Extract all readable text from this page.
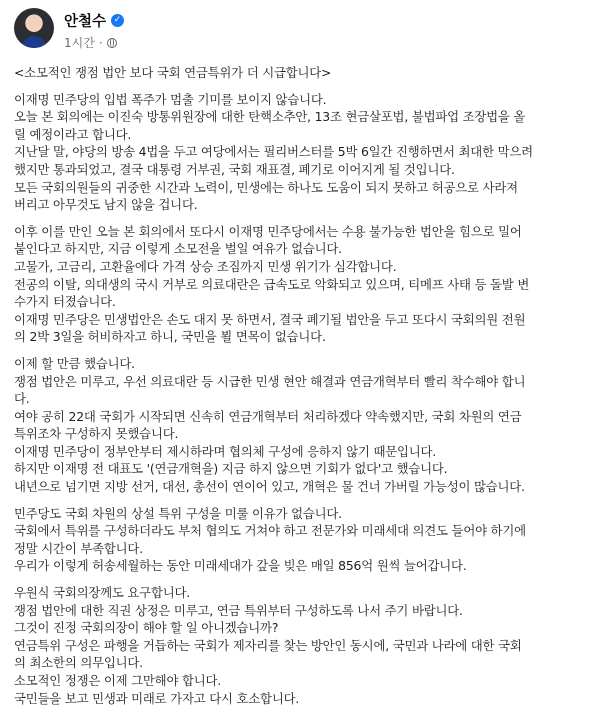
안철수 ✓
1시간 ·
<소모적인 쟁점 법안 보다 국회 연금특위가 더 시급합니다>
이재명 민주당의 입법 폭주가 멈출 기미를 보이지 않습니다.
오늘 본 회의에는 이진숙 방통위원장에 대한 탄핵소추안, 13조 현금살포법, 불법파업 조장법을 올
릴 예정이라고 합니다.
지난달 말, 야당의 방송 4법을 두고 여당에서는 필리버스터를 5박 6일간 진행하면서 최대한 막으려
했지만 통과되었고, 결국 대통령 거부권, 국회 재표결, 폐기로 이어지게 될 것입니다.
모든 국회의원들의 귀중한 시간과 노력이, 민생에는 하나도 도움이 되지 못하고 허공으로 사라져
버리고 아무것도 남지 않을 겁니다.
이후 이를 만인 오늘 본 회의에서 또다시 이재명 민주당에서는 수용 불가능한 법안을 힘으로 밀어
붙인다고 하지만, 지금 이렇게 소모전을 벌일 여유가 없습니다.
고물가, 고금리, 고환율에다 가격 상승 조짐까지 민생 위기가 심각합니다.
전공의 이탈, 의대생의 국시 거부로 의료대란은 급속도로 악화되고 있으며, 티메프 사태 등 돌발 변
수가지 터졌습니다.
이재명 민주당은 민생법안은 손도 대지 못 하면서, 결국 폐기될 법안을 두고 또다시 국회의원 전원
의 2박 3일을 허비하자고 하니, 국민을 뵐 면목이 없습니다.
이제 할 만큼 했습니다.
쟁점 법안은 미루고, 우선 의료대란 등 시급한 민생 현안 해결과 연금개혁부터 빨리 착수해야 합니
다.
여야 공히 22대 국회가 시작되면 신속히 연금개혁부터 처리하겠다 약속했지만, 국회 차원의 연금
특위조차 구성하지 못했습니다.
이재명 민주당이 정부안부터 제시하라며 협의체 구성에 응하지 않기 때문입니다.
하지만 이재명 전 대표도 '(연금개혁을) 지금 하지 않으면 기회가 없다'고 했습니다.
내년으로 넘기면 지방 선거, 대선, 총선이 연이어 있고, 개혁은 물 건너 가버릴 가능성이 많습니다.
민주당도 국회 차원의 상설 특위 구성을 미룰 이유가 없습니다.
국회에서 특위를 구성하더라도 부처 협의도 거쳐야 하고 전문가와 미래세대 의견도 들어야 하기에
정말 시간이 부족합니다.
우리가 이렇게 허송세월하는 동안 미래세대가 갚을 빚은 매일 856억 원씩 늘어갑니다.
우원식 국회의장께도 요구합니다.
쟁점 법안에 대한 직권 상정은 미루고, 연금 특위부터 구성하도록 나서 주기 바랍니다.
그것이 진정 국회의장이 해야 할 일 아니겠습니까?
연금특위 구성은 파행을 거듭하는 국회가 제자리를 찾는 방안인 동시에, 국민과 나라에 대한 국회
의 최소한의 의무입니다.
소모적인 정쟁은 이제 그만해야 합니다.
국민들을 보고 민생과 미래로 가자고 다시 호소합니다.
